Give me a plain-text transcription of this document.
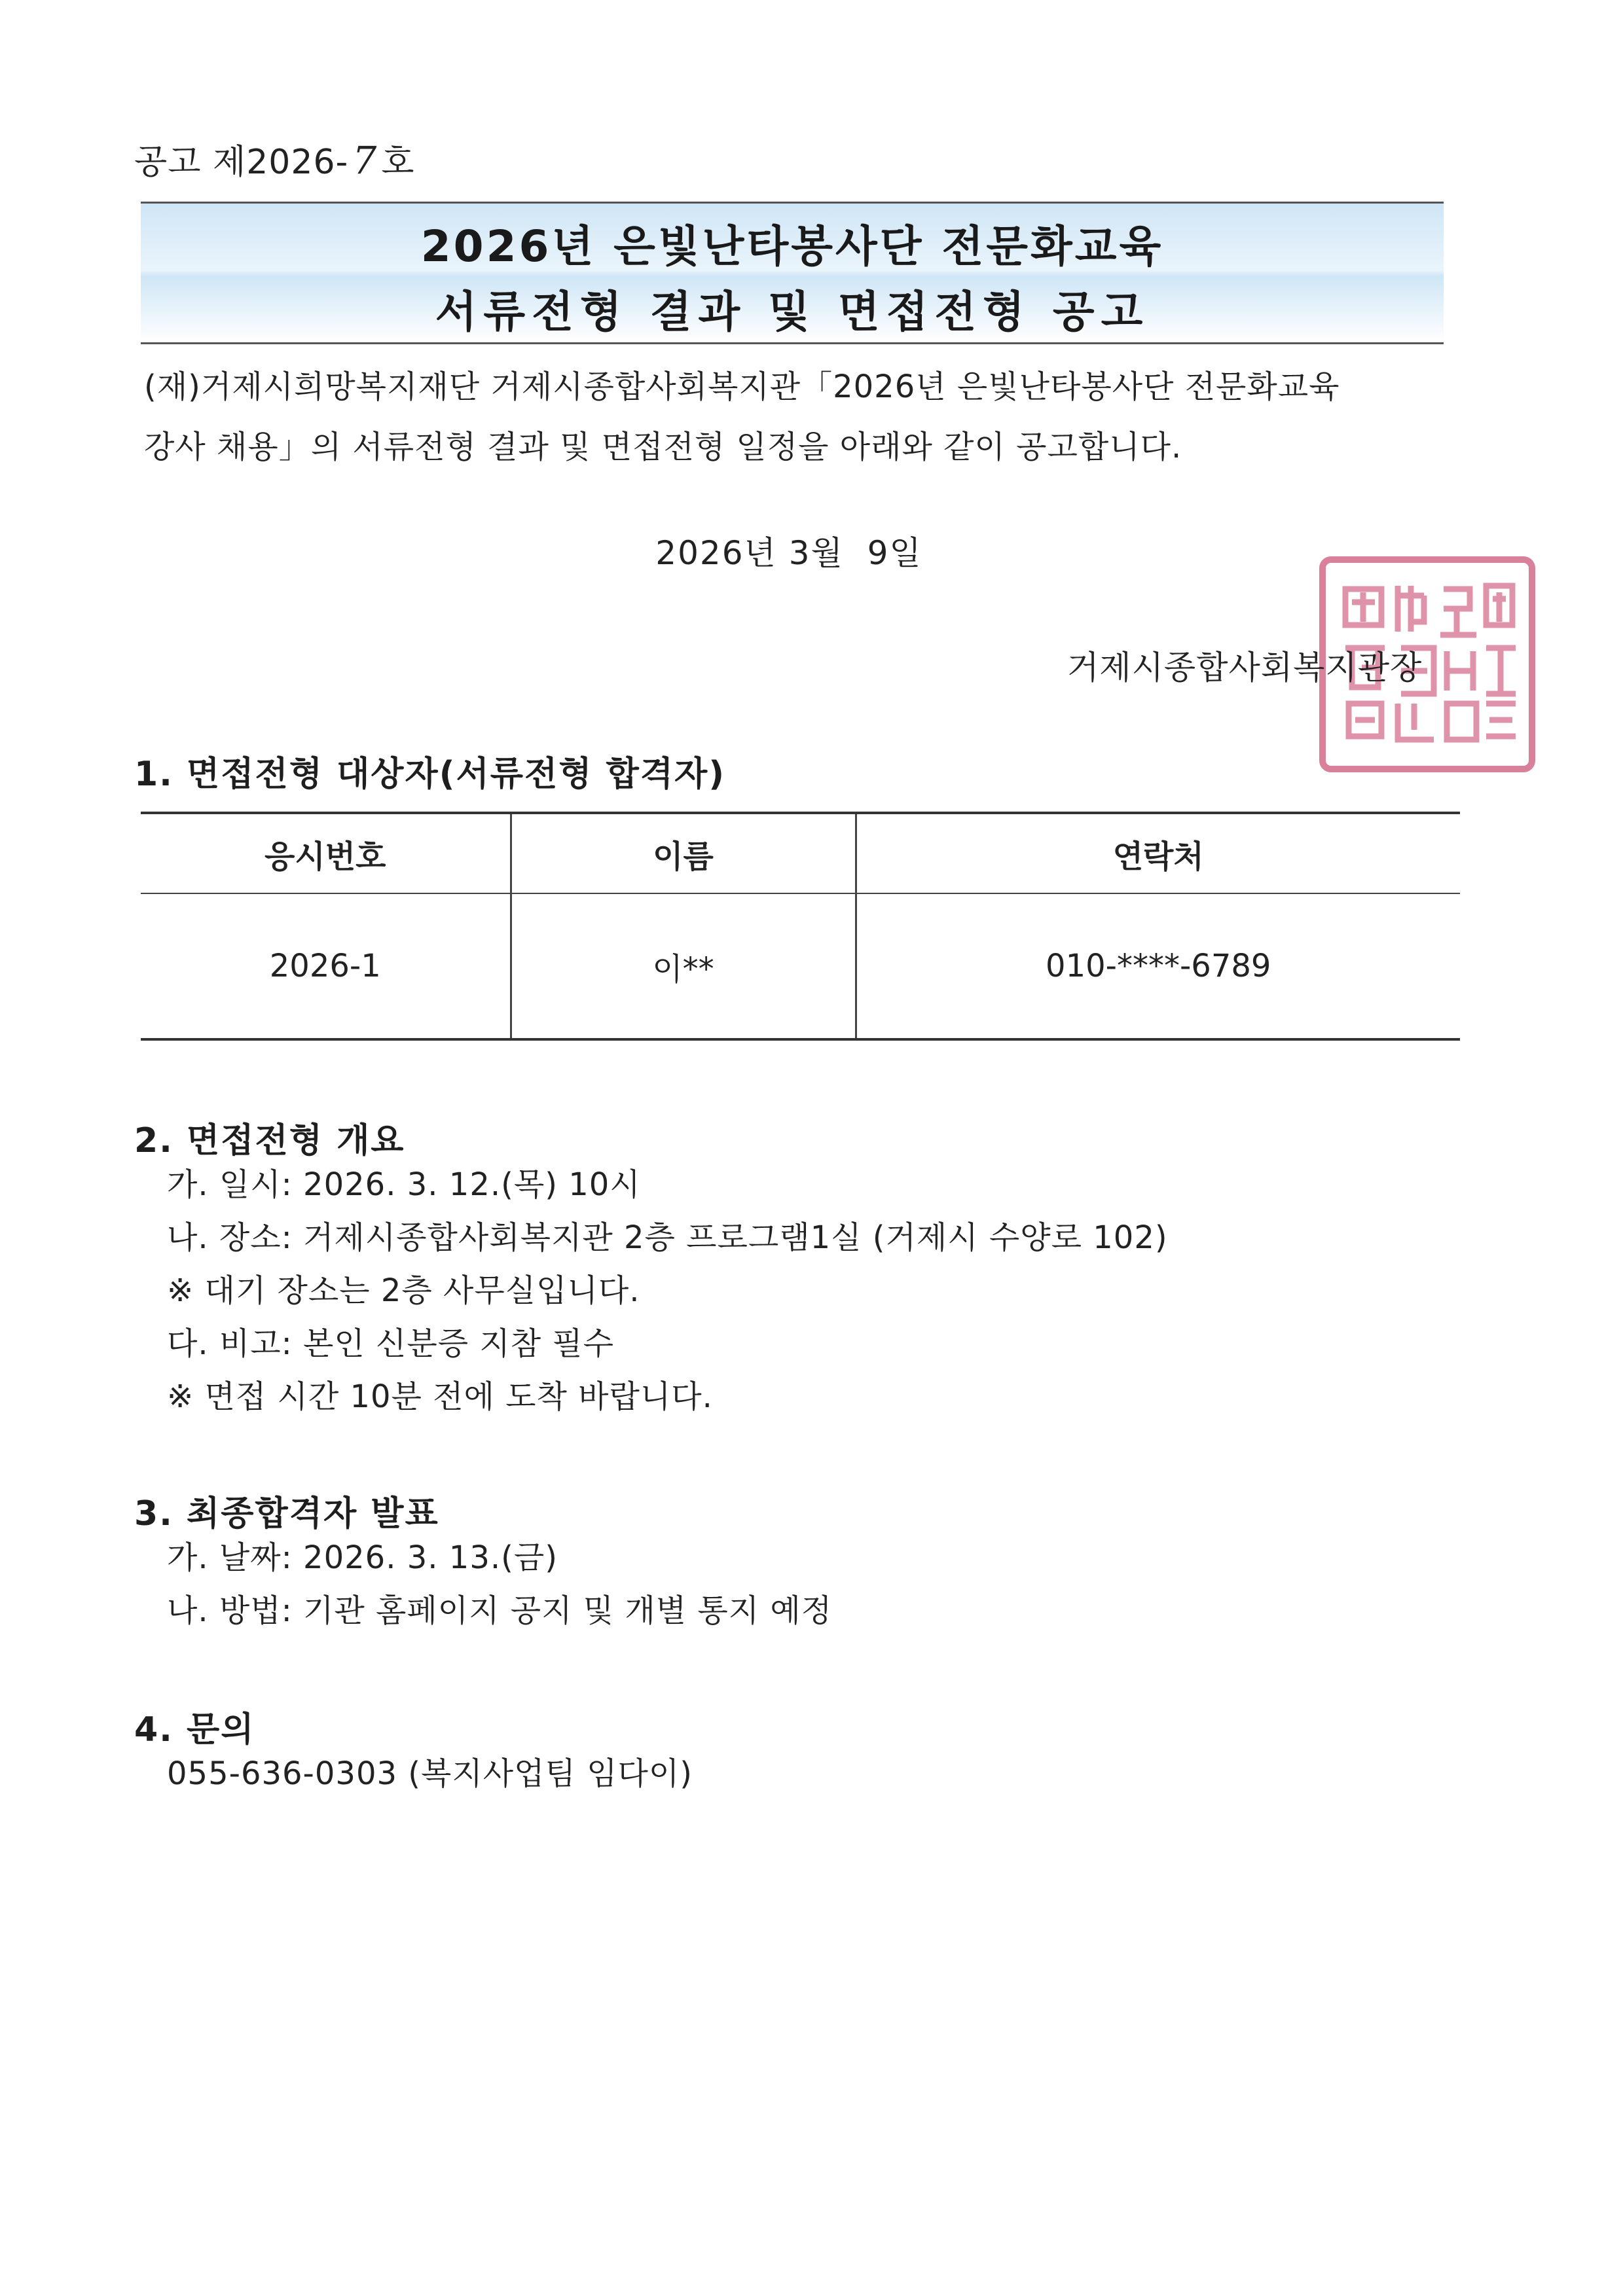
공고 제2026- 7 호
2026년 은빛난타봉사단 전문화교육
서류전형 결과 및 면접전형 공고
(재)거제시희망복지재단 거제시종합사회복지관「2026년 은빛난타봉사단 전문화교육
강사 채용」의 서류전형 결과 및 면접전형 일정을 아래와 같이 공고합니다.
2026년 3월  9일
거제시종합사회복지관장
1. 면접전형 대상자(서류전형 합격자)
응시번호	이름	연락처
2026-1	이**	010-****-6789
2. 면접전형 개요
가. 일시: 2026. 3. 12.(목) 10시
나. 장소: 거제시종합사회복지관 2층 프로그램1실 (거제시 수양로 102)
※ 대기 장소는 2층 사무실입니다.
다. 비고: 본인 신분증 지참 필수
※ 면접 시간 10분 전에 도착 바랍니다.
3. 최종합격자 발표
가. 날짜: 2026. 3. 13.(금)
나. 방법: 기관 홈페이지 공지 및 개별 통지 예정
4. 문의
055-636-0303 (복지사업팀 임다이)
